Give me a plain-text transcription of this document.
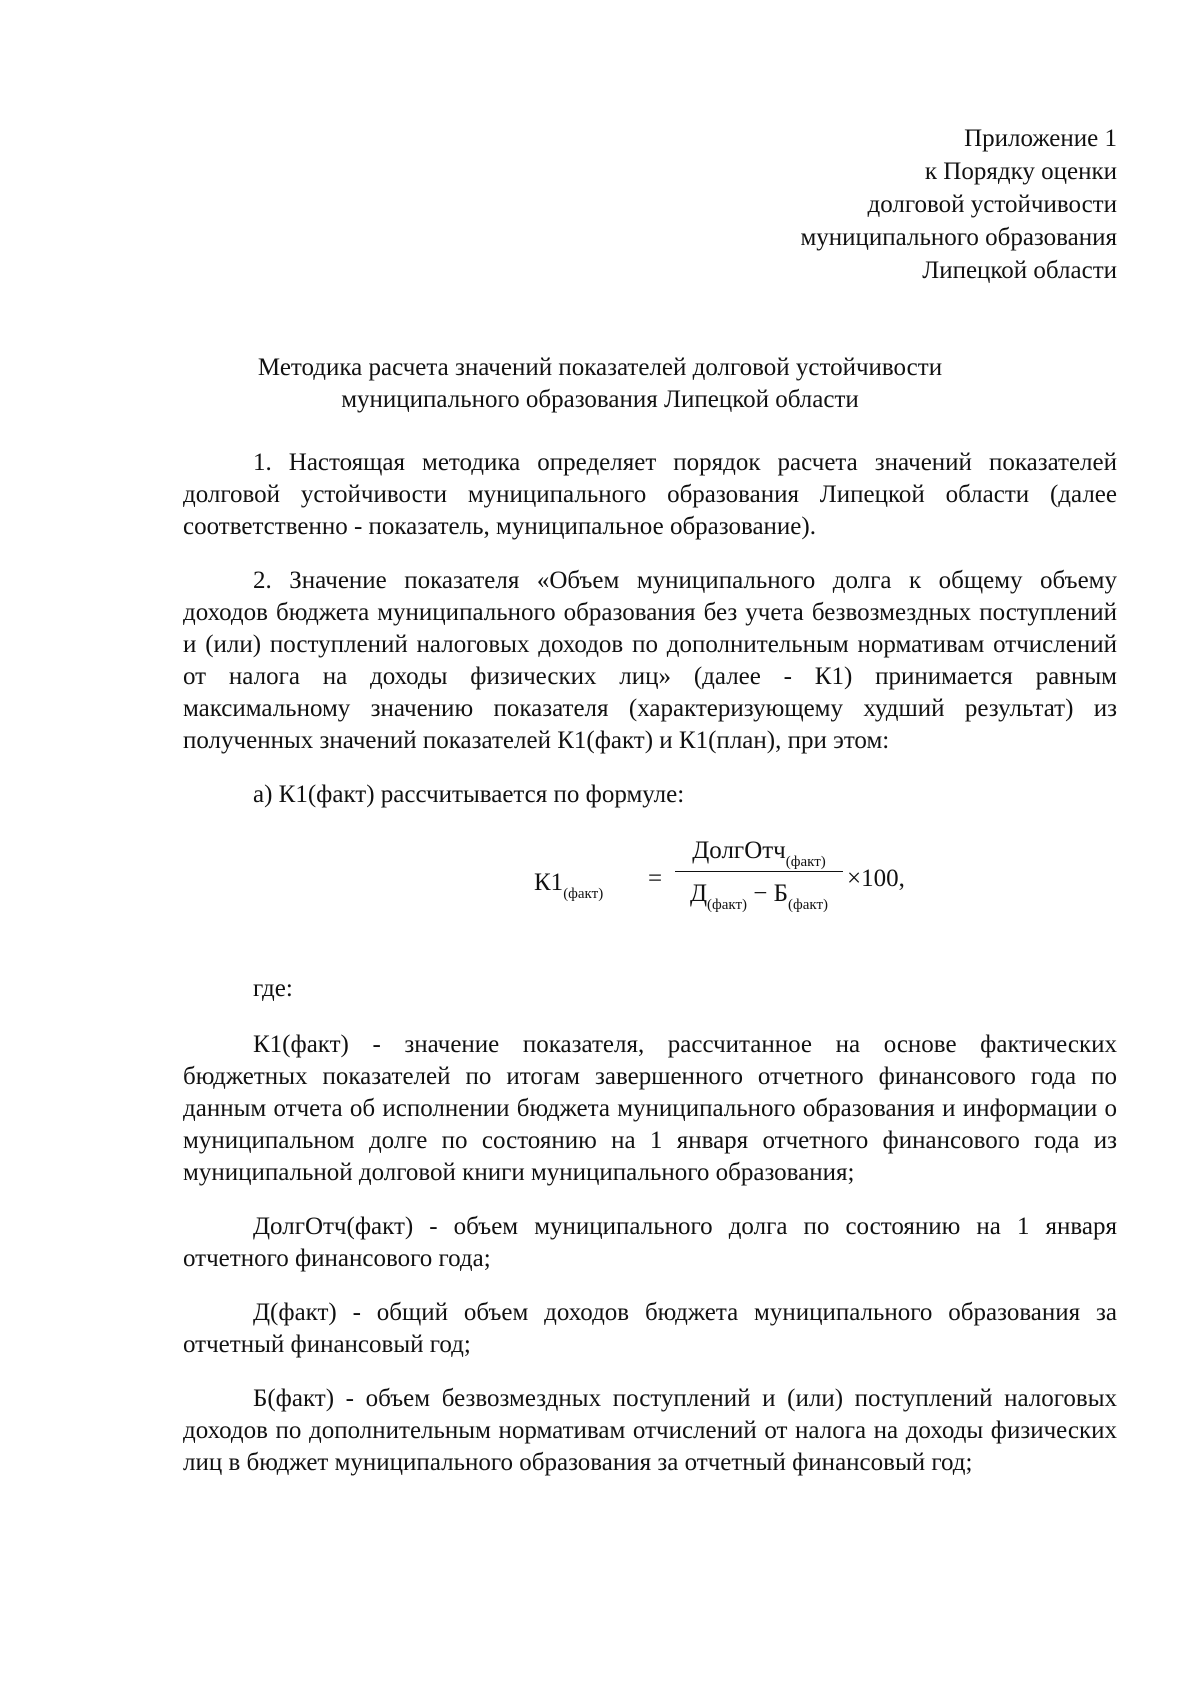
Приложение 1
к Порядку оценки
долговой устойчивости
муниципального образования
Липецкой области
Методика расчета значений показателей долговой устойчивости
муниципального образования Липецкой области

1. Настоящая методика определяет порядок расчета значений показателей долговой устойчивости муниципального образования Липецкой области (далее соответственно - показатель, муниципальное образование).

2. Значение показателя «Объем муниципального долга к общему объему доходов бюджета муниципального образования без учета безвозмездных поступлений и (или) поступлений налоговых доходов по дополнительным нормативам отчислений от налога на доходы физических лиц» (далее - К1) принимается равным максимальному значению показателя (характеризующему худший результат) из полученных значений показателей К1(факт) и К1(план), при этом:

а) К1(факт) рассчитывается по формуле:

$К1_{(факт)}$
=
ДолгОтч$_{(факт)}$
$Д_{(факт)} - Б_{(факт)}$
×100,

где:

К1(факт) - значение показателя, рассчитанное на основе фактических бюджетных показателей по итогам завершенного отчетного финансового года по данным отчета об исполнении бюджета муниципального образования и информации о муниципальном долге по состоянию на 1 января отчетного финансового года из муниципальной долговой книги муниципального образования;

ДолгОтч(факт) - объем муниципального долга по состоянию на 1 января отчетного финансового года;

Д(факт) - общий объем доходов бюджета муниципального образования за отчетный финансовый год;

Б(факт) - объем безвозмездных поступлений и (или) поступлений налоговых доходов по дополнительным нормативам отчислений от налога на доходы физических лиц в бюджет муниципального образования за отчетный финансовый год;
